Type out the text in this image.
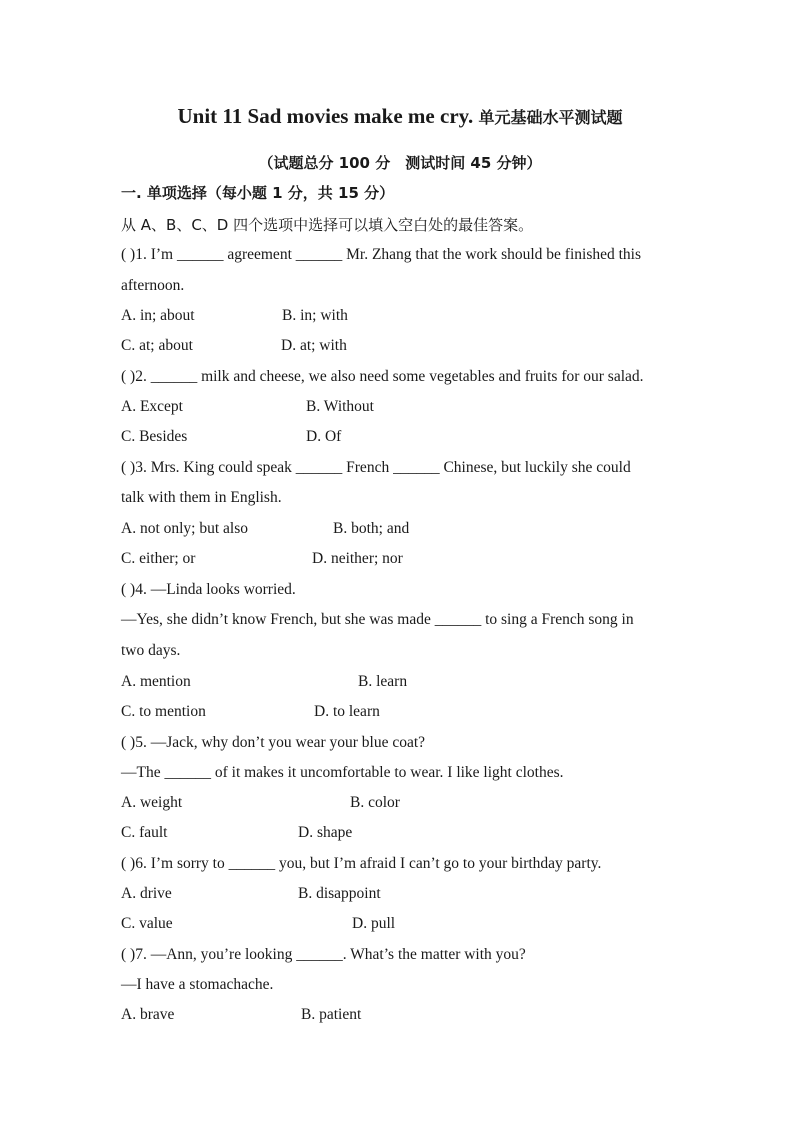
Unit 11 Sad movies make me cry. 单元基础水平测试题
（试题总分 100 分　测试时间 45 分钟）
一. 单项选择（每小题 1 分，共 15 分）
从 A、B、C、D 四个选项中选择可以填入空白处的最佳答案。
( )1. I’m ______ agreement ______ Mr. Zhang that the work should be finished this
afternoon.
A. in; about	B. in; with
C. at; about	D. at; with
( )2. ______ milk and cheese, we also need some vegetables and fruits for our salad.
A. Except	B. Without
C. Besides	D. Of
( )3. Mrs. King could speak ______ French ______ Chinese, but luckily she could
talk with them in English.
A. not only; but also	B. both; and
C. either; or	D. neither; nor
( )4. —Linda looks worried.
—Yes, she didn’t know French, but she was made ______ to sing a French song in
two days.
A. mention	B. learn
C. to mention	D. to learn
( )5. —Jack, why don’t you wear your blue coat?
—The ______ of it makes it uncomfortable to wear. I like light clothes.
A. weight	B. color
C. fault	D. shape
( )6. I’m sorry to ______ you, but I’m afraid I can’t go to your birthday party.
A. drive	B. disappoint
C. value	D. pull
( )7. —Ann, you’re looking ______. What’s the matter with you?
—I have a stomachache.
A. brave	B. patient
